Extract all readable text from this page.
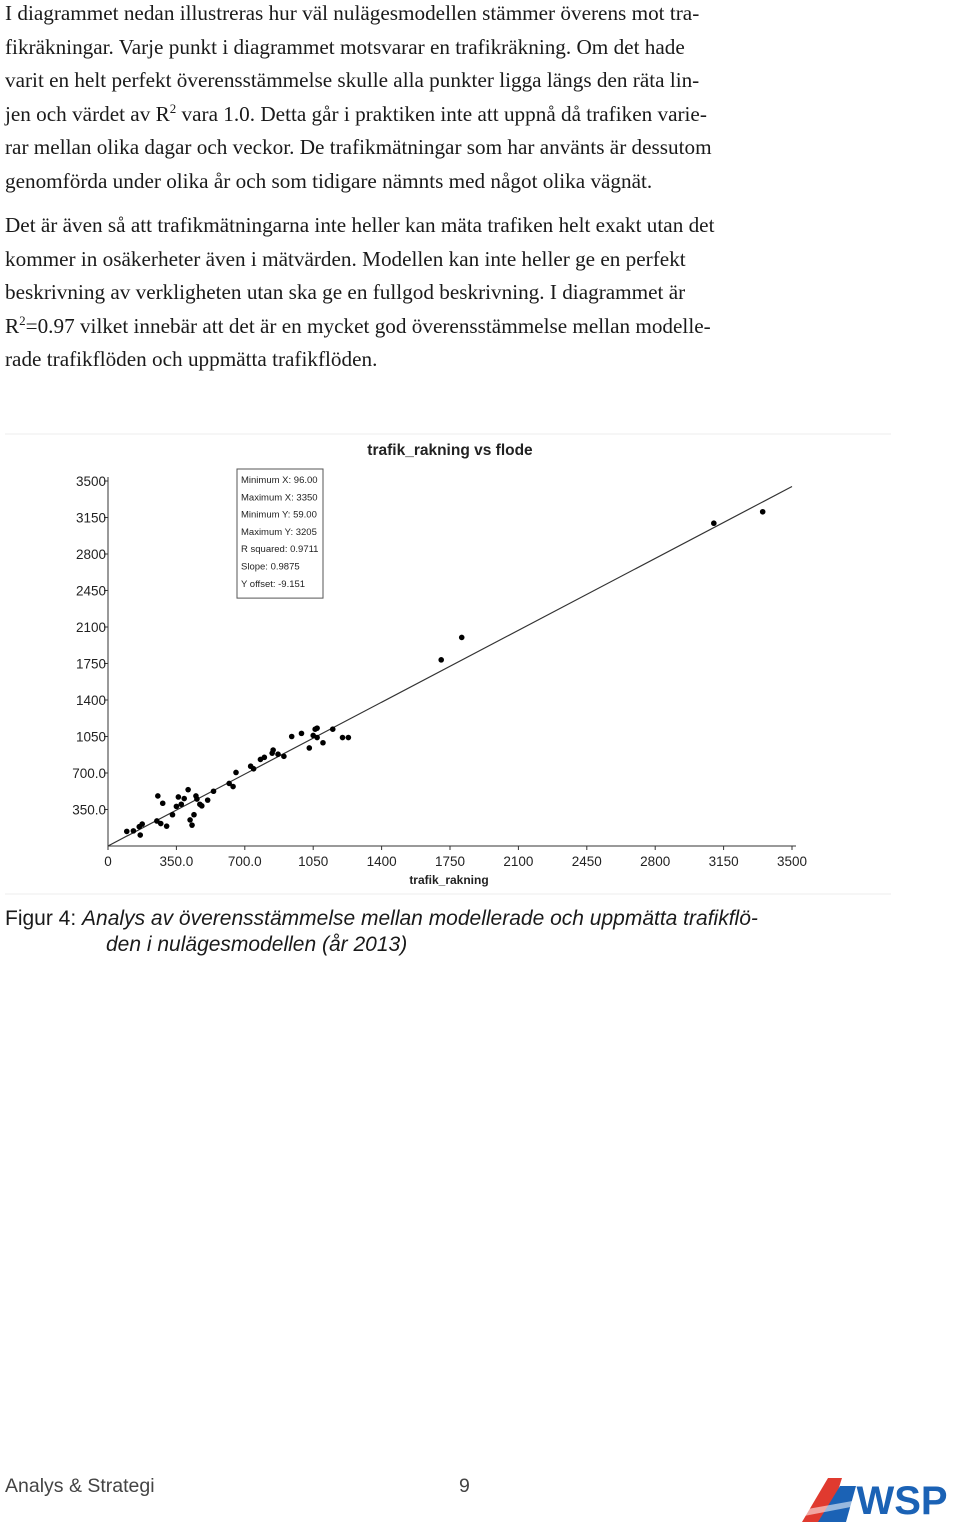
I diagrammet nedan illustreras hur väl nulägesmodellen stämmer överens mot tra-
fikräkningar. Varje punkt i diagrammet motsvarar en trafikräkning. Om det hade
varit en helt perfekt överensstämmelse skulle alla punkter ligga längs den räta lin-
jen och värdet av $R^2$ vara 1.0. Detta går i praktiken inte att uppnå då trafiken varie-
rar mellan olika dagar och veckor. De trafikmätningar som har använts är dessutom
genomförda under olika år och som tidigare nämnts med något olika vägnät.
Det är även så att trafikmätningarna inte heller kan mäta trafiken helt exakt utan det
kommer in osäkerheter även i mätvärden. Modellen kan inte heller ge en perfekt
beskrivning av verkligheten utan ska ge en fullgod beskrivning. I diagrammet är
$R^2=0.97$ vilket innebär att det är en mycket god överensstämmelse mellan modelle-
rade trafikflöden och uppmätta trafikflöden.
trafik_rakning vs flode
trafik_rakning
0	350.0	700.0	1050	1400	1750	2100	2450	2800	3150	3500
350.0
700.0
1050
1400
1750
2100
2450
2800
3150
3500	Minimum X: 96.00
Maximum X: 3350
Minimum Y: 59.00
Maximum Y: 3205
R squared: 0.9711
Slope: 0.9875
Y offset: -9.151
Figur 4: Analys av överensstämmelse mellan modellerade och uppmätta trafikflö-
den i nulägesmodellen (år 2013)
Analys & Strategi	9	WSP
